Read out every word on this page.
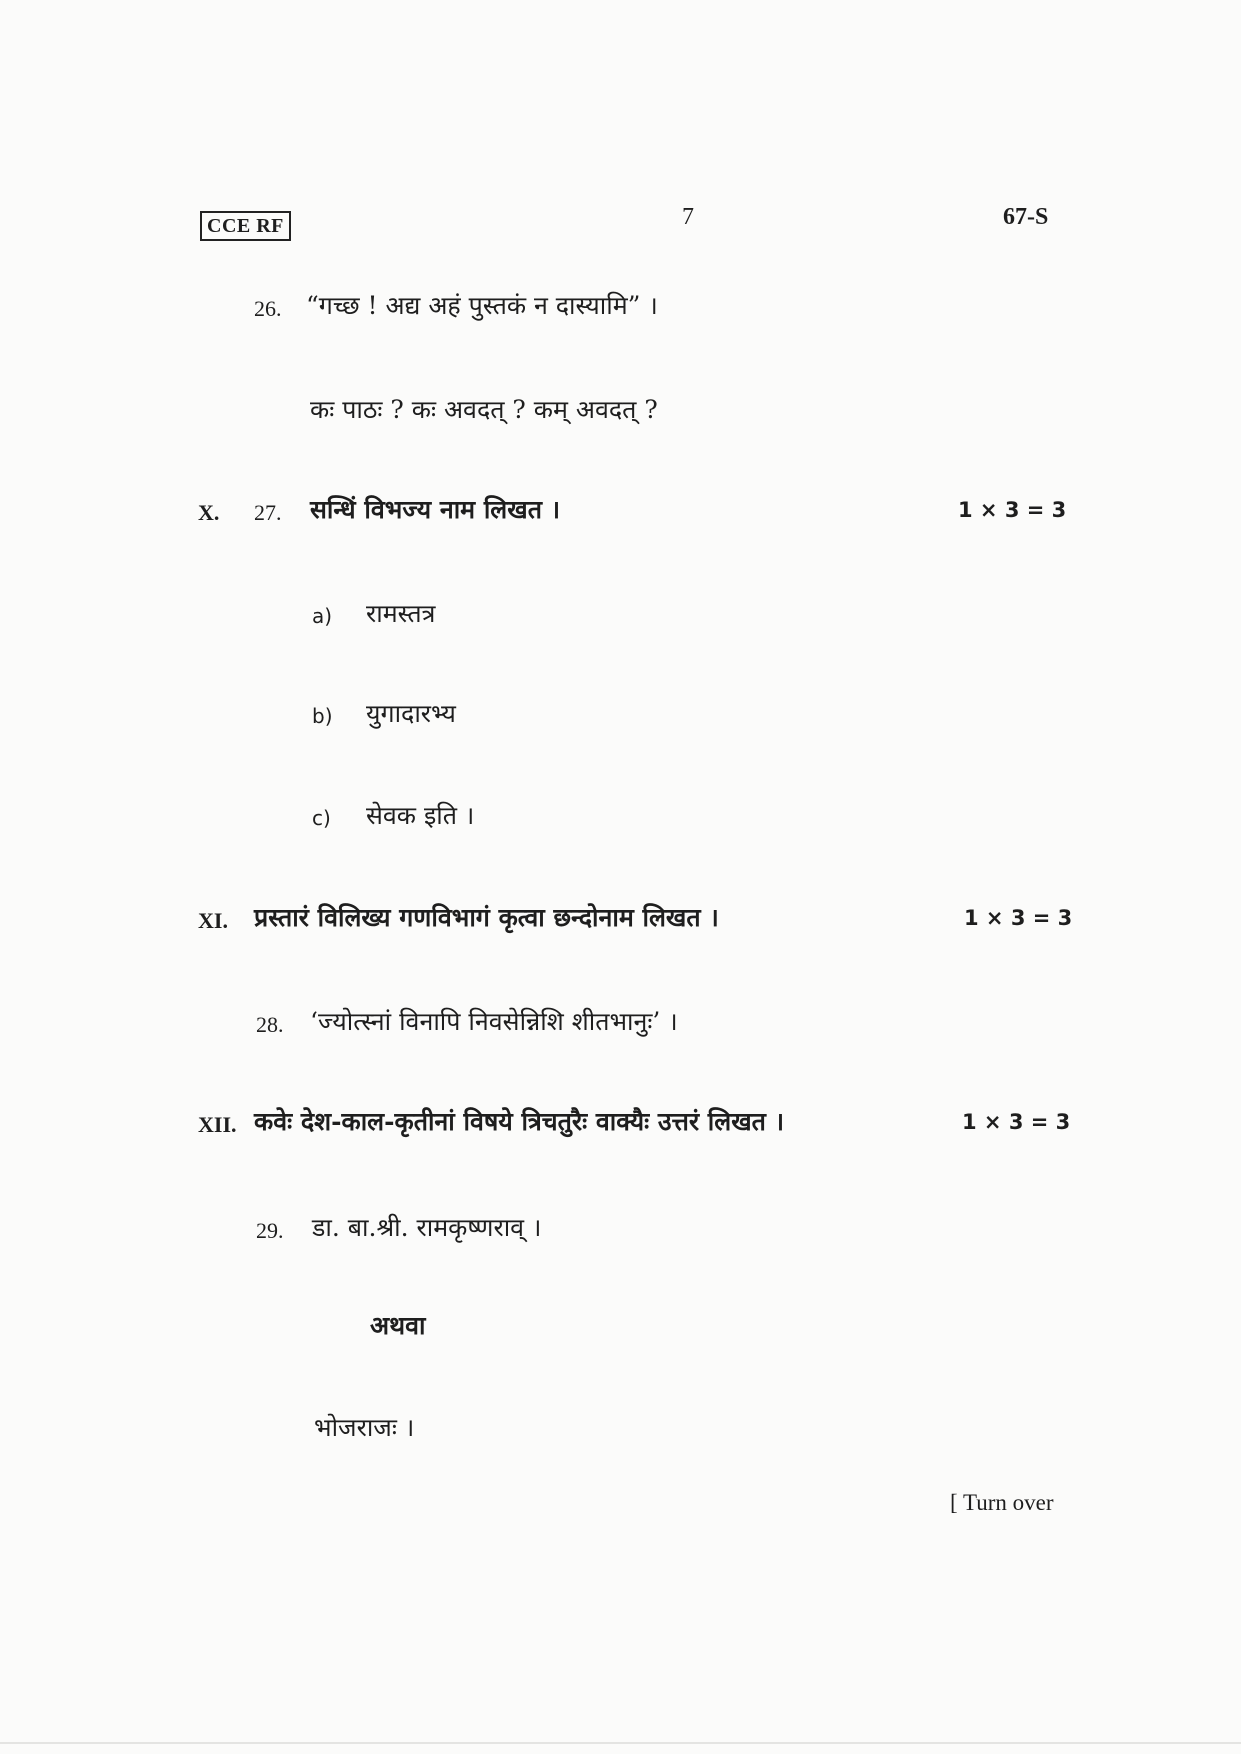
CCE RF	7	67-S
26. “गच्छ ! अद्य अहं पुस्तकं न दास्यामि” ।
कः पाठः ? कः अवदत् ? कम् अवदत् ?
X. 27. सन्धिं विभज्य नाम लिखत ।	1 × 3 = 3
a) रामस्तत्र
b) युगादारभ्य
c) सेवक इति ।
XI. प्रस्तारं विलिख्य गणविभागं कृत्वा छन्दोनाम लिखत ।	1 × 3 = 3
28. ‘ज्योत्स्नां विनापि निवसेन्निशि शीतभानुः’ ।
XII. कवेः देश-काल-कृतीनां विषये त्रिचतुरैः वाक्यैः उत्तरं लिखत ।	1 × 3 = 3
29. डा. बा.श्री. रामकृष्णराव् ।
अथवा
भोजराजः ।
[ Turn over
